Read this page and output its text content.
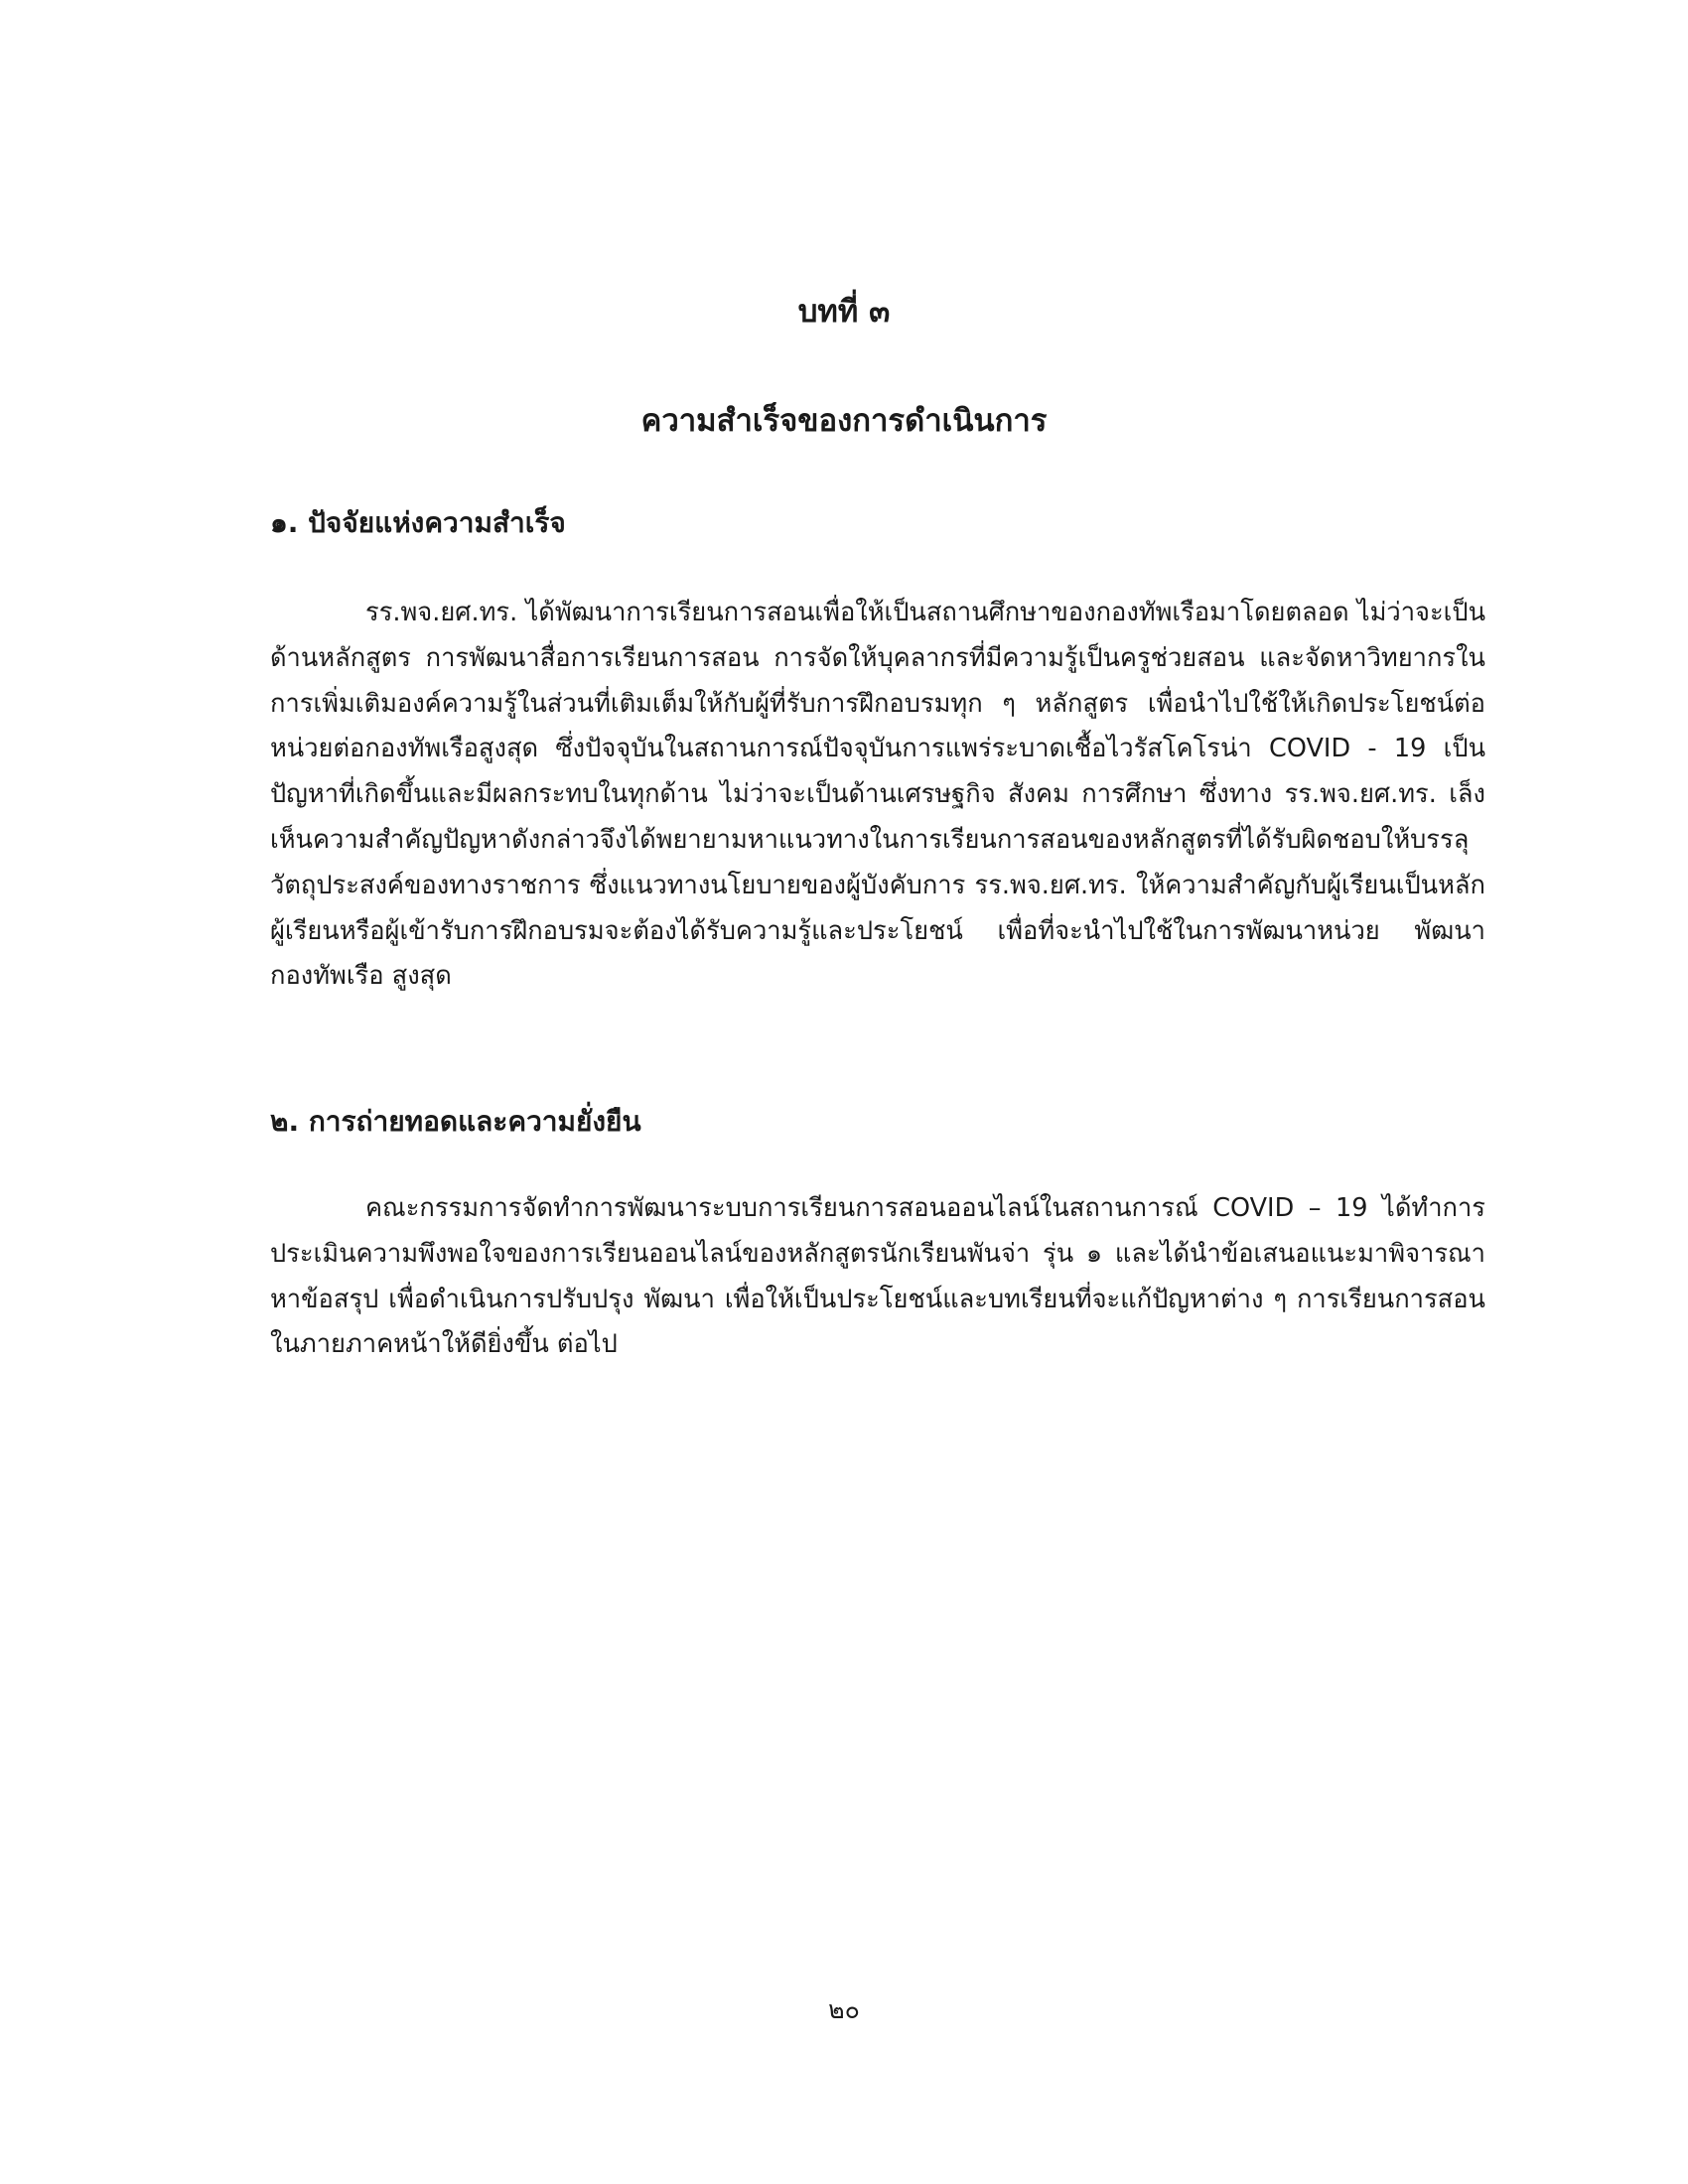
บทที่ ๓
ความสำเร็จของการดำเนินการ
๑. ปัจจัยแห่งความสำเร็จ

รร.พจ.ยศ.ทร. ได้พัฒนาการเรียนการสอนเพื่อให้เป็นสถานศึกษาของกองทัพเรือมาโดยตลอด ไม่ว่าจะเป็นด้านหลักสูตร การพัฒนาสื่อการเรียนการสอน การจัดให้บุคลากรที่มีความรู้เป็นครูช่วยสอน และจัดหาวิทยากรในการเพิ่มเติมองค์ความรู้ในส่วนที่เติมเต็มให้กับผู้ที่รับการฝึกอบรมทุก ๆ หลักสูตร เพื่อนำไปใช้ให้เกิดประโยชน์ต่อหน่วยต่อกองทัพเรือสูงสุด ซึ่งปัจจุบันในสถานการณ์ปัจจุบันการแพร่ระบาดเชื้อไวรัสโคโรน่า COVID - 19 เป็นปัญหาที่เกิดขึ้นและมีผลกระทบในทุกด้าน ไม่ว่าจะเป็นด้านเศรษฐกิจ สังคม การศึกษา ซึ่งทาง รร.พจ.ยศ.ทร. เล็งเห็นความสำคัญปัญหาดังกล่าวจึงได้พยายามหาแนวทางในการเรียนการสอนของหลักสูตรที่ได้รับผิดชอบให้บรรลุวัตถุประสงค์ของทางราชการ ซึ่งแนวทางนโยบายของผู้บังคับการ รร.พจ.ยศ.ทร. ให้ความสำคัญกับผู้เรียนเป็นหลัก ผู้เรียนหรือผู้เข้ารับการฝึกอบรมจะต้องได้รับความรู้และประโยชน์ เพื่อที่จะนำไปใช้ในการพัฒนาหน่วย พัฒนากองทัพเรือ สูงสุด

๒. การถ่ายทอดและความยั่งยืน

คณะกรรมการจัดทำการพัฒนาระบบการเรียนการสอนออนไลน์ในสถานการณ์ COVID – 19 ได้ทำการประเมินความพึงพอใจของการเรียนออนไลน์ของหลักสูตรนักเรียนพันจ่า รุ่น ๑ และได้นำข้อเสนอแนะมาพิจารณาหาข้อสรุป เพื่อดำเนินการปรับปรุง พัฒนา เพื่อให้เป็นประโยชน์และบทเรียนที่จะแก้ปัญหาต่าง ๆ การเรียนการสอนในภายภาคหน้าให้ดียิ่งขึ้น ต่อไป

๒๐
